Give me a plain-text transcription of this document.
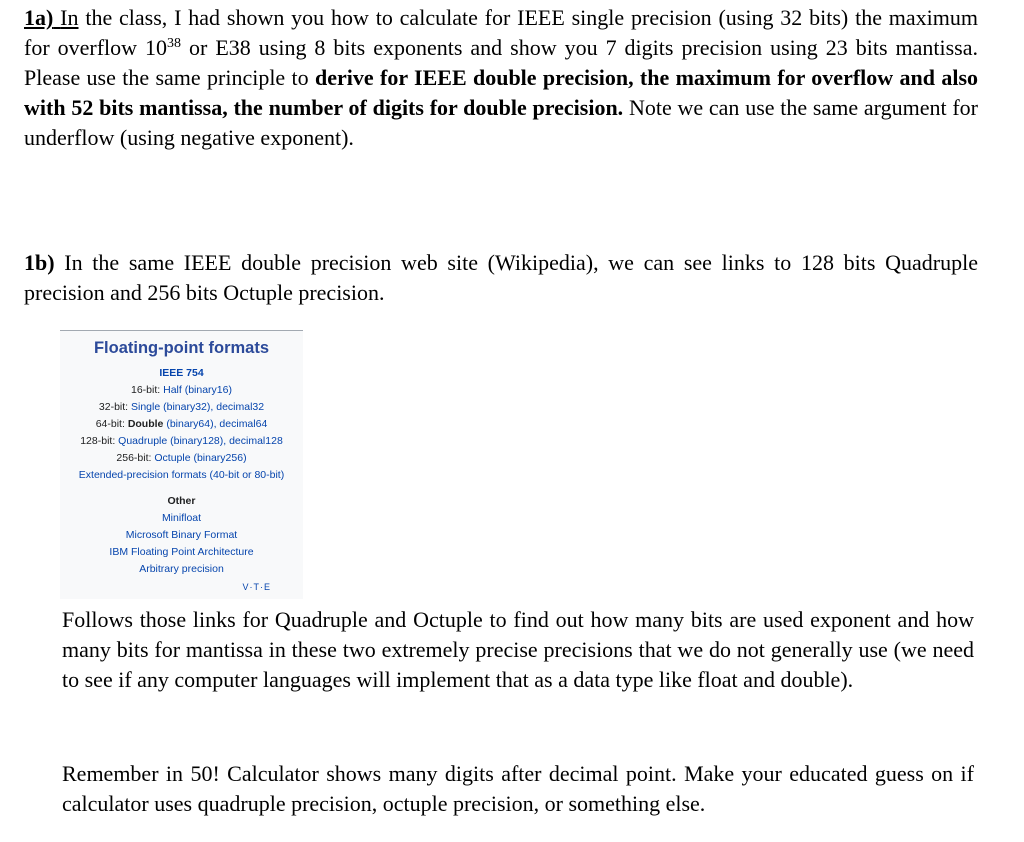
1a) In the class, I had shown you how to calculate for IEEE single precision (using 32 bits) the maximum for overflow $10^{38}$ or E38 using 8 bits exponents and show you 7 digits precision using 23 bits mantissa. Please use the same principle to derive for IEEE double precision, the maximum for overflow and also with 52 bits mantissa, the number of digits for double precision. Note we can use the same argument for underflow (using negative exponent).

1b) In the same IEEE double precision web site (Wikipedia), we can see links to 128 bits Quadruple precision and 256 bits Octuple precision.

Floating-point formats
IEEE 754
16-bit: Half (binary16)
32-bit: Single (binary32), decimal32
64-bit: Double (binary64), decimal64
128-bit: Quadruple (binary128), decimal128
256-bit: Octuple (binary256)
Extended-precision formats (40-bit or 80-bit)
Other
Minifloat
Microsoft Binary Format
IBM Floating Point Architecture
Arbitrary precision
V·T·E

Follows those links for Quadruple and Octuple to find out how many bits are used exponent and how many bits for mantissa in these two extremely precise precisions that we do not generally use (we need to see if any computer languages will implement that as a data type like float and double).

Remember in 50! Calculator shows many digits after decimal point. Make your educated guess on if calculator uses quadruple precision, octuple precision, or something else.
